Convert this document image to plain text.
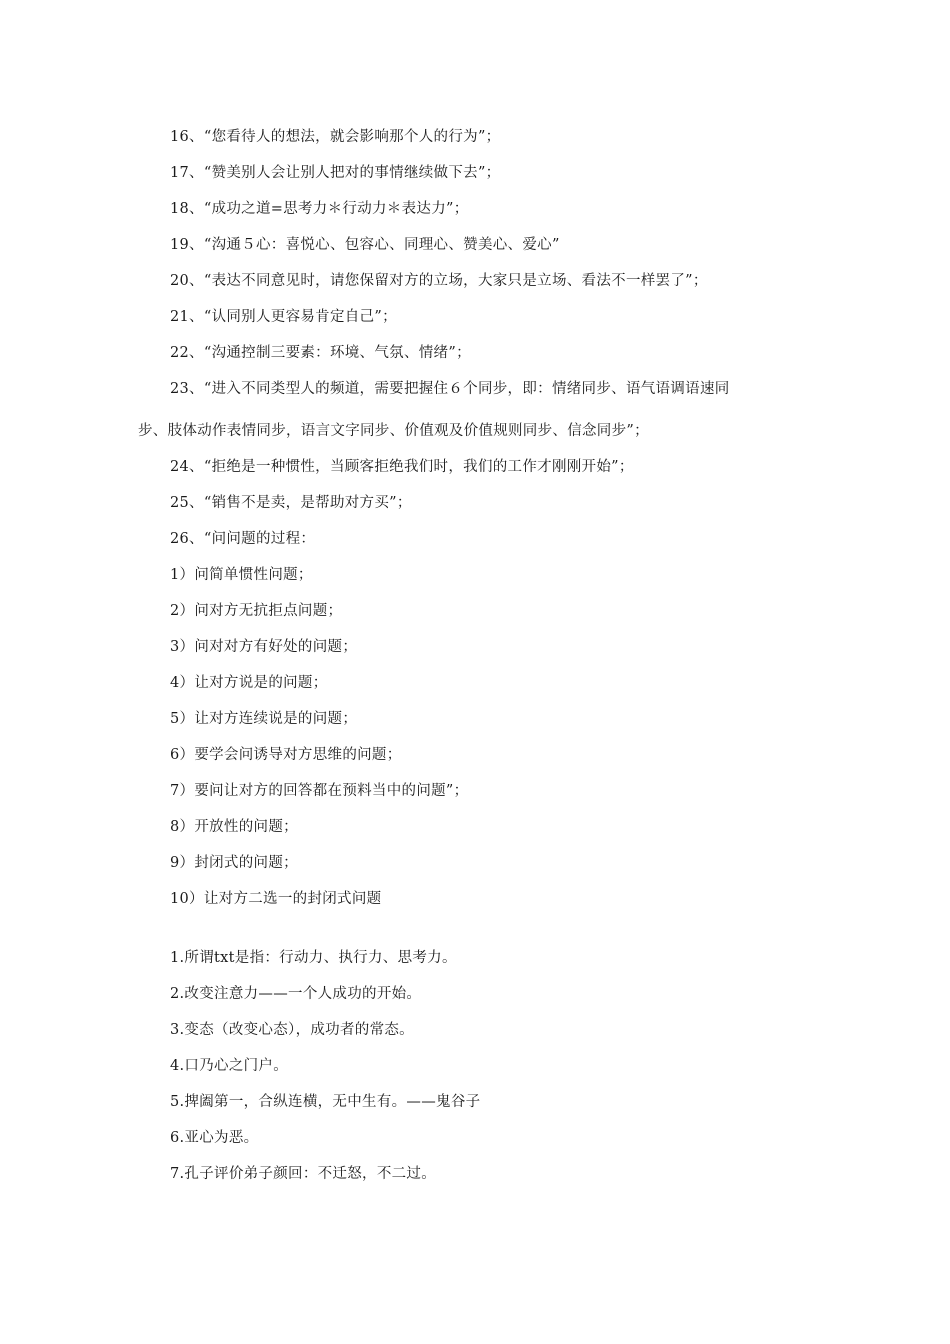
16、“您看待人的想法，就会影响那个人的行为”；
17、“赞美别人会让别人把对的事情继续做下去”；
18、“成功之道=思考力＊行动力＊表达力”；
19、“沟通５心：喜悦心、包容心、同理心、赞美心、爱心”
20、“表达不同意见时，请您保留对方的立场，大家只是立场、看法不一样罢了”；
21、“认同别人更容易肯定自己”；
22、“沟通控制三要素：环境、气氛、情绪”；
23、“进入不同类型人的频道，需要把握住６个同步，即：情绪同步、语气语调语速同
步、肢体动作表情同步，语言文字同步、价值观及价值规则同步、信念同步”；
24、“拒绝是一种惯性，当顾客拒绝我们时，我们的工作才刚刚开始”；
25、“销售不是卖，是帮助对方买”；
26、“问问题的过程：
1）问简单惯性问题；
2）问对方无抗拒点问题；
3）问对对方有好处的问题；
4）让对方说是的问题；
5）让对方连续说是的问题；
6）要学会问诱导对方思维的问题；
7）要问让对方的回答都在预料当中的问题”；
8）开放性的问题；
9）封闭式的问题；
10）让对方二选一的封闭式问题
1.所谓txt是指：行动力、执行力、思考力。
2.改变注意力——一个人成功的开始。
3.变态（改变心态），成功者的常态。
4.口乃心之门户。
5.捭阖第一，合纵连横，无中生有。——鬼谷子
6.亚心为恶。
7.孔子评价弟子颜回：不迁怒，不二过。
